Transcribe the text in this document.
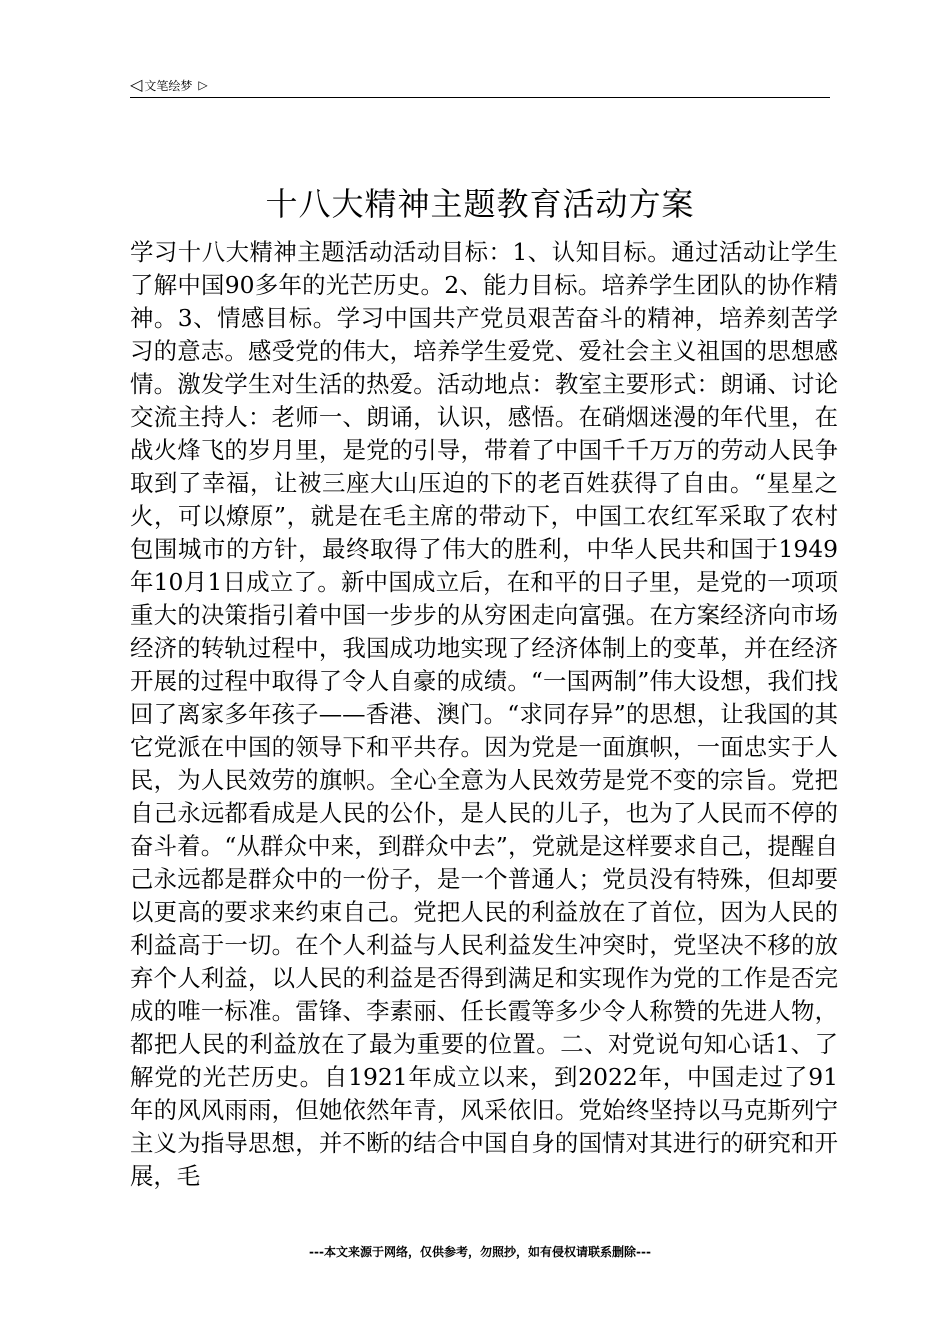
◁ 文笔绘梦 ▷
十八大精神主题教育活动方案

学习十八大精神主题活动活动目标：1、认知目标。通过活动让学生了解中国90多年的光芒历史。2、能力目标。培养学生团队的协作精神。3、情感目标。学习中国共产党员艰苦奋斗的精神，培养刻苦学习的意志。感受党的伟大，培养学生爱党、爱社会主义祖国的思想感情。激发学生对生活的热爱。活动地点：教室主要形式：朗诵、讨论交流主持人：老师一、朗诵，认识，感悟。在硝烟迷漫的年代里，在战火烽飞的岁月里，是党的引导，带着了中国千千万万的劳动人民争取到了幸福，让被三座大山压迫的下的老百姓获得了自由。“星星之火，可以燎原”，就是在毛主席的带动下，中国工农红军采取了农村包围城市的方针，最终取得了伟大的胜利，中华人民共和国于1949年10月1日成立了。新中国成立后，在和平的日子里，是党的一项项重大的决策指引着中国一步步的从穷困走向富强。在方案经济向市场经济的转轨过程中，我国成功地实现了经济体制上的变革，并在经济开展的过程中取得了令人自豪的成绩。“一国两制”伟大设想，我们找回了离家多年孩子——香港、澳门。“求同存异”的思想，让我国的其它党派在中国的领导下和平共存。因为党是一面旗帜，一面忠实于人民，为人民效劳的旗帜。全心全意为人民效劳是党不变的宗旨。党把自己永远都看成是人民的公仆，是人民的儿子，也为了人民而不停的奋斗着。“从群众中来，到群众中去”，党就是这样要求自己，提醒自己永远都是群众中的一份子，是一个普通人；党员没有特殊，但却要以更高的要求来约束自己。党把人民的利益放在了首位，因为人民的利益高于一切。在个人利益与人民利益发生冲突时，党坚决不移的放弃个人利益，以人民的利益是否得到满足和实现作为党的工作是否完成的唯一标准。雷锋、李素丽、任长霞等多少令人称赞的先进人物，都把人民的利益放在了最为重要的位置。二、对党说句知心话1、了解党的光芒历史。自1921年成立以来，到2022年，中国走过了91年的风风雨雨，但她依然年青，风采依旧。党始终坚持以马克斯列宁主义为指导思想，并不断的结合中国自身的国情对其进行的研究和开展，毛

---本文来源于网络，仅供参考，勿照抄，如有侵权请联系删除---
